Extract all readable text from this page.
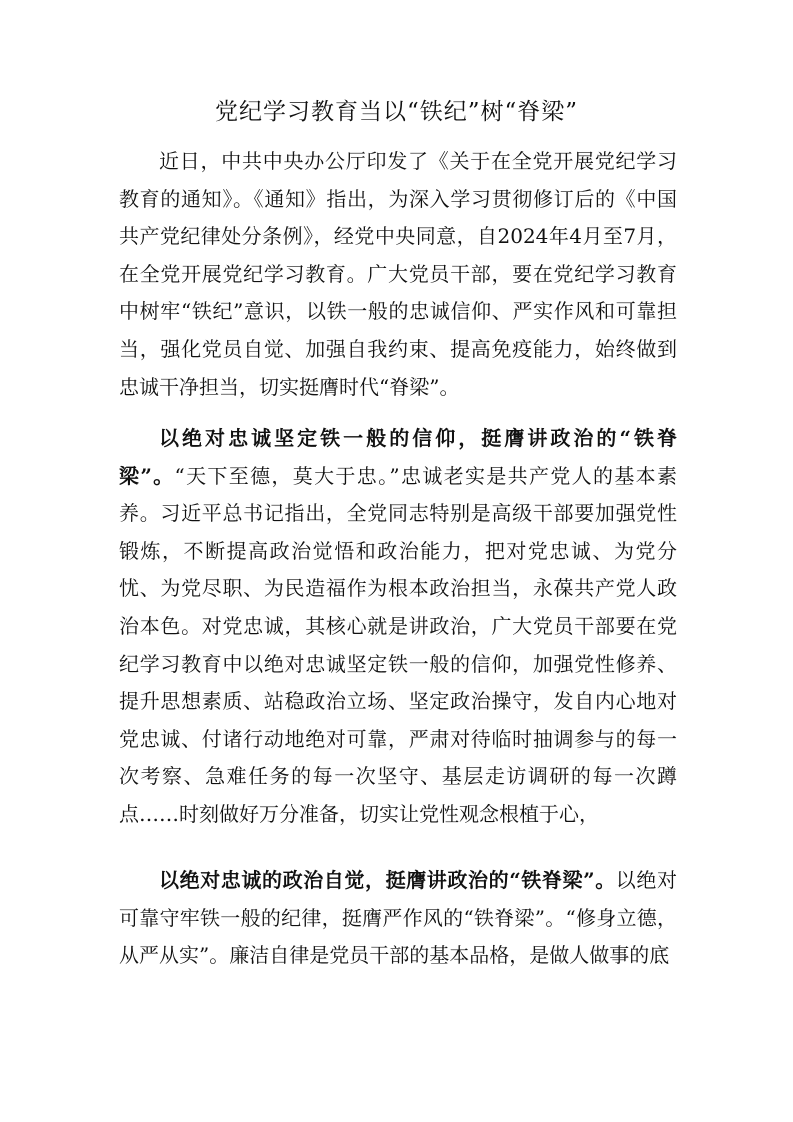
党纪学习教育当以“铁纪”树“脊梁”

近日，中共中央办公厅印发了《关于在全党开展党纪学习教育的通知》。《通知》指出，为深入学习贯彻修订后的《中国共产党纪律处分条例》，经党中央同意，自2024年4月至7月，在全党开展党纪学习教育。广大党员干部，要在党纪学习教育中树牢“铁纪”意识，以铁一般的忠诚信仰、严实作风和可靠担当，强化党员自觉、加强自我约束、提高免疫能力，始终做到忠诚干净担当，切实挺膺时代“脊梁”。

以绝对忠诚坚定铁一般的信仰，挺膺讲政治的“铁脊梁”。“天下至德，莫大于忠。”忠诚老实是共产党人的基本素养。习近平总书记指出，全党同志特别是高级干部要加强党性锻炼，不断提高政治觉悟和政治能力，把对党忠诚、为党分忧、为党尽职、为民造福作为根本政治担当，永葆共产党人政治本色。对党忠诚，其核心就是讲政治，广大党员干部要在党纪学习教育中以绝对忠诚坚定铁一般的信仰，加强党性修养、提升思想素质、站稳政治立场、坚定政治操守，发自内心地对党忠诚、付诸行动地绝对可靠，严肃对待临时抽调参与的每一次考察、急难任务的每一次坚守、基层走访调研的每一次蹲点……时刻做好万分准备，切实让党性观念根植于心，

以绝对忠诚的政治自觉，挺膺讲政治的“铁脊梁”。以绝对可靠守牢铁一般的纪律，挺膺严作风的“铁脊梁”。“修身立德，从严从实”。廉洁自律是党员干部的基本品格，是做人做事的底
